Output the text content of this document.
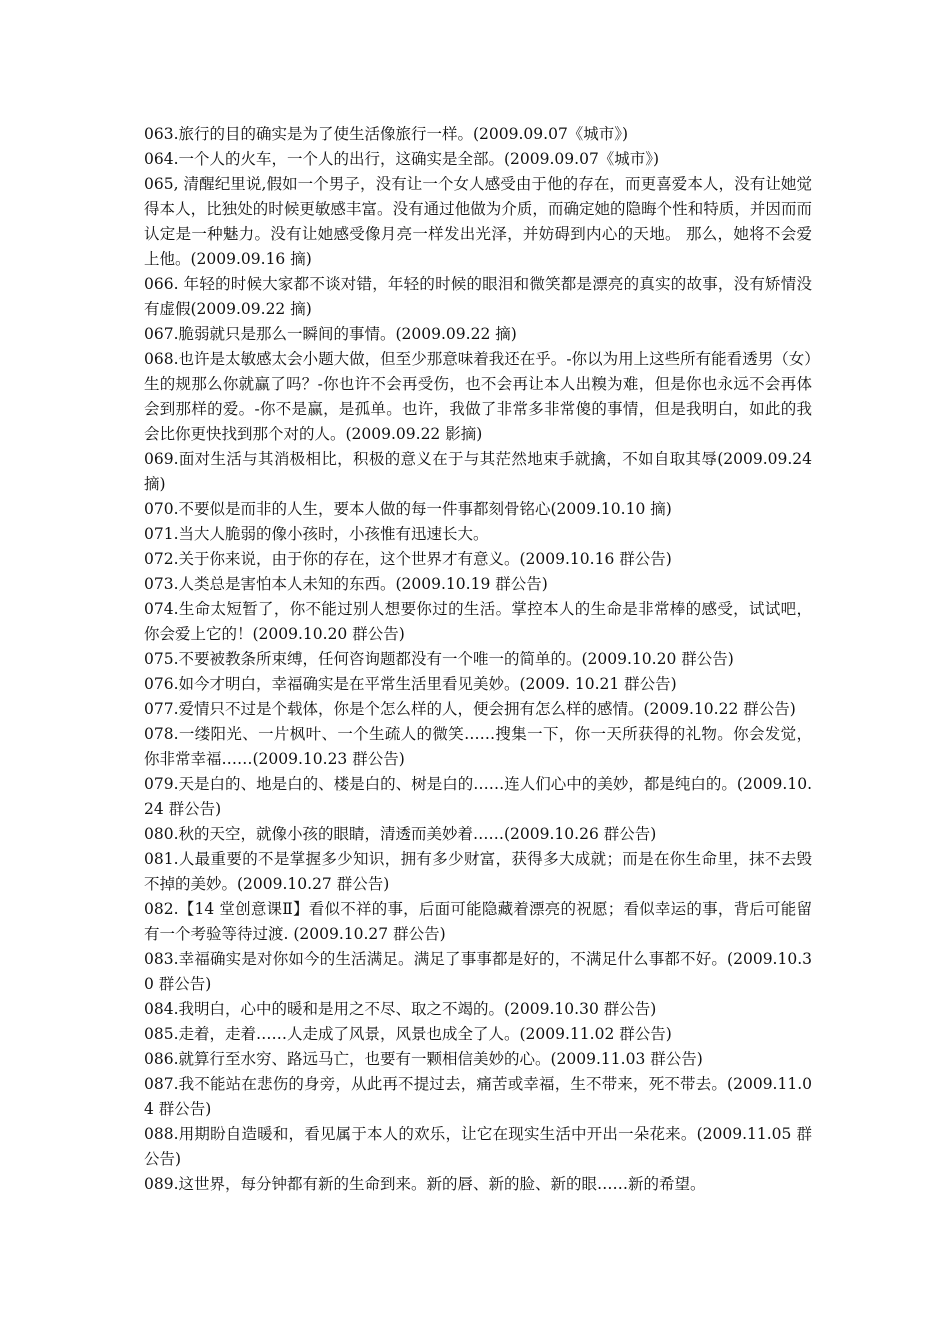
063.旅行的目的确实是为了使生活像旅行一样。(2009.09.07《城市》)

064.一个人的火车，一个人的出行，这确实是全部。(2009.09.07《城市》)

065, 清醒纪里说,假如一个男子，没有让一个女人感受由于他的存在，而更喜爱本人，没有让她觉得本人，比独处的时候更敏感丰富。没有通过他做为介质，而确定她的隐晦个性和特质，并因而而认定是一种魅力。没有让她感受像月亮一样发出光泽，并妨碍到内心的天地。 那么，她将不会爱上他。(2009.09.16 摘)

066. 年轻的时候大家都不谈对错，年轻的时候的眼泪和微笑都是漂亮的真实的故事，没有矫情没有虚假(2009.09.22 摘)

067.脆弱就只是那么一瞬间的事情。(2009.09.22 摘)

068.也许是太敏感太会小题大做，但至少那意味着我还在乎。-你以为用上这些所有能看透男（女）生的规那么你就赢了吗？-你也许不会再受伤，也不会再让本人出糗为难，但是你也永远不会再体会到那样的爱。-你不是赢，是孤单。也许，我做了非常多非常傻的事情，但是我明白，如此的我会比你更快找到那个对的人。(2009.09.22 影摘)

069.面对生活与其消极相比，积极的意义在于与其茫然地束手就擒，不如自取其辱(2009.09.24 摘)

070.不要似是而非的人生，要本人做的每一件事都刻骨铭心(2009.10.10 摘)

071.当大人脆弱的像小孩时，小孩惟有迅速长大。

072.关于你来说，由于你的存在，这个世界才有意义。(2009.10.16 群公告)

073.人类总是害怕本人未知的东西。(2009.10.19 群公告)

074.生命太短暂了，你不能过别人想要你过的生活。掌控本人的生命是非常棒的感受，试试吧，你会爱上它的！(2009.10.20 群公告)

075.不要被教条所束缚，任何咨询题都没有一个唯一的简单的。(2009.10.20 群公告)

076.如今才明白，幸福确实是在平常生活里看见美妙。(2009. 10.21 群公告)

077.爱情只不过是个载体，你是个怎么样的人，便会拥有怎么样的感情。(2009.10.22 群公告)

078.一缕阳光、一片枫叶、一个生疏人的微笑……搜集一下，你一天所获得的礼物。你会发觉，你非常幸福……(2009.10.23 群公告)

079.天是白的、地是白的、楼是白的、树是白的……连人们心中的美妙，都是纯白的。(2009.10.24 群公告)

080.秋的天空，就像小孩的眼睛，清透而美妙着……(2009.10.26 群公告)

081.人最重要的不是掌握多少知识，拥有多少财富，获得多大成就；而是在你生命里，抹不去毁不掉的美妙。(2009.10.27 群公告)

082.【14 堂创意课Ⅱ】看似不祥的事，后面可能隐藏着漂亮的祝愿；看似幸运的事，背后可能留有一个考验等待过渡. (2009.10.27 群公告)

083.幸福确实是对你如今的生活满足。满足了事事都是好的，不满足什么事都不好。(2009.10.30 群公告)

084.我明白，心中的暖和是用之不尽、取之不竭的。(2009.10.30 群公告)

085.走着，走着……人走成了风景，风景也成全了人。(2009.11.02 群公告)

086.就算行至水穷、路远马亡，也要有一颗相信美妙的心。(2009.11.03 群公告)

087.我不能站在悲伤的身旁，从此再不提过去，痛苦或幸福，生不带来，死不带去。(2009.11.04 群公告)

088.用期盼自造暖和，看见属于本人的欢乐，让它在现实生活中开出一朵花来。(2009.11.05 群公告)

089.这世界，每分钟都有新的生命到来。新的唇、新的脸、新的眼……新的希望。
